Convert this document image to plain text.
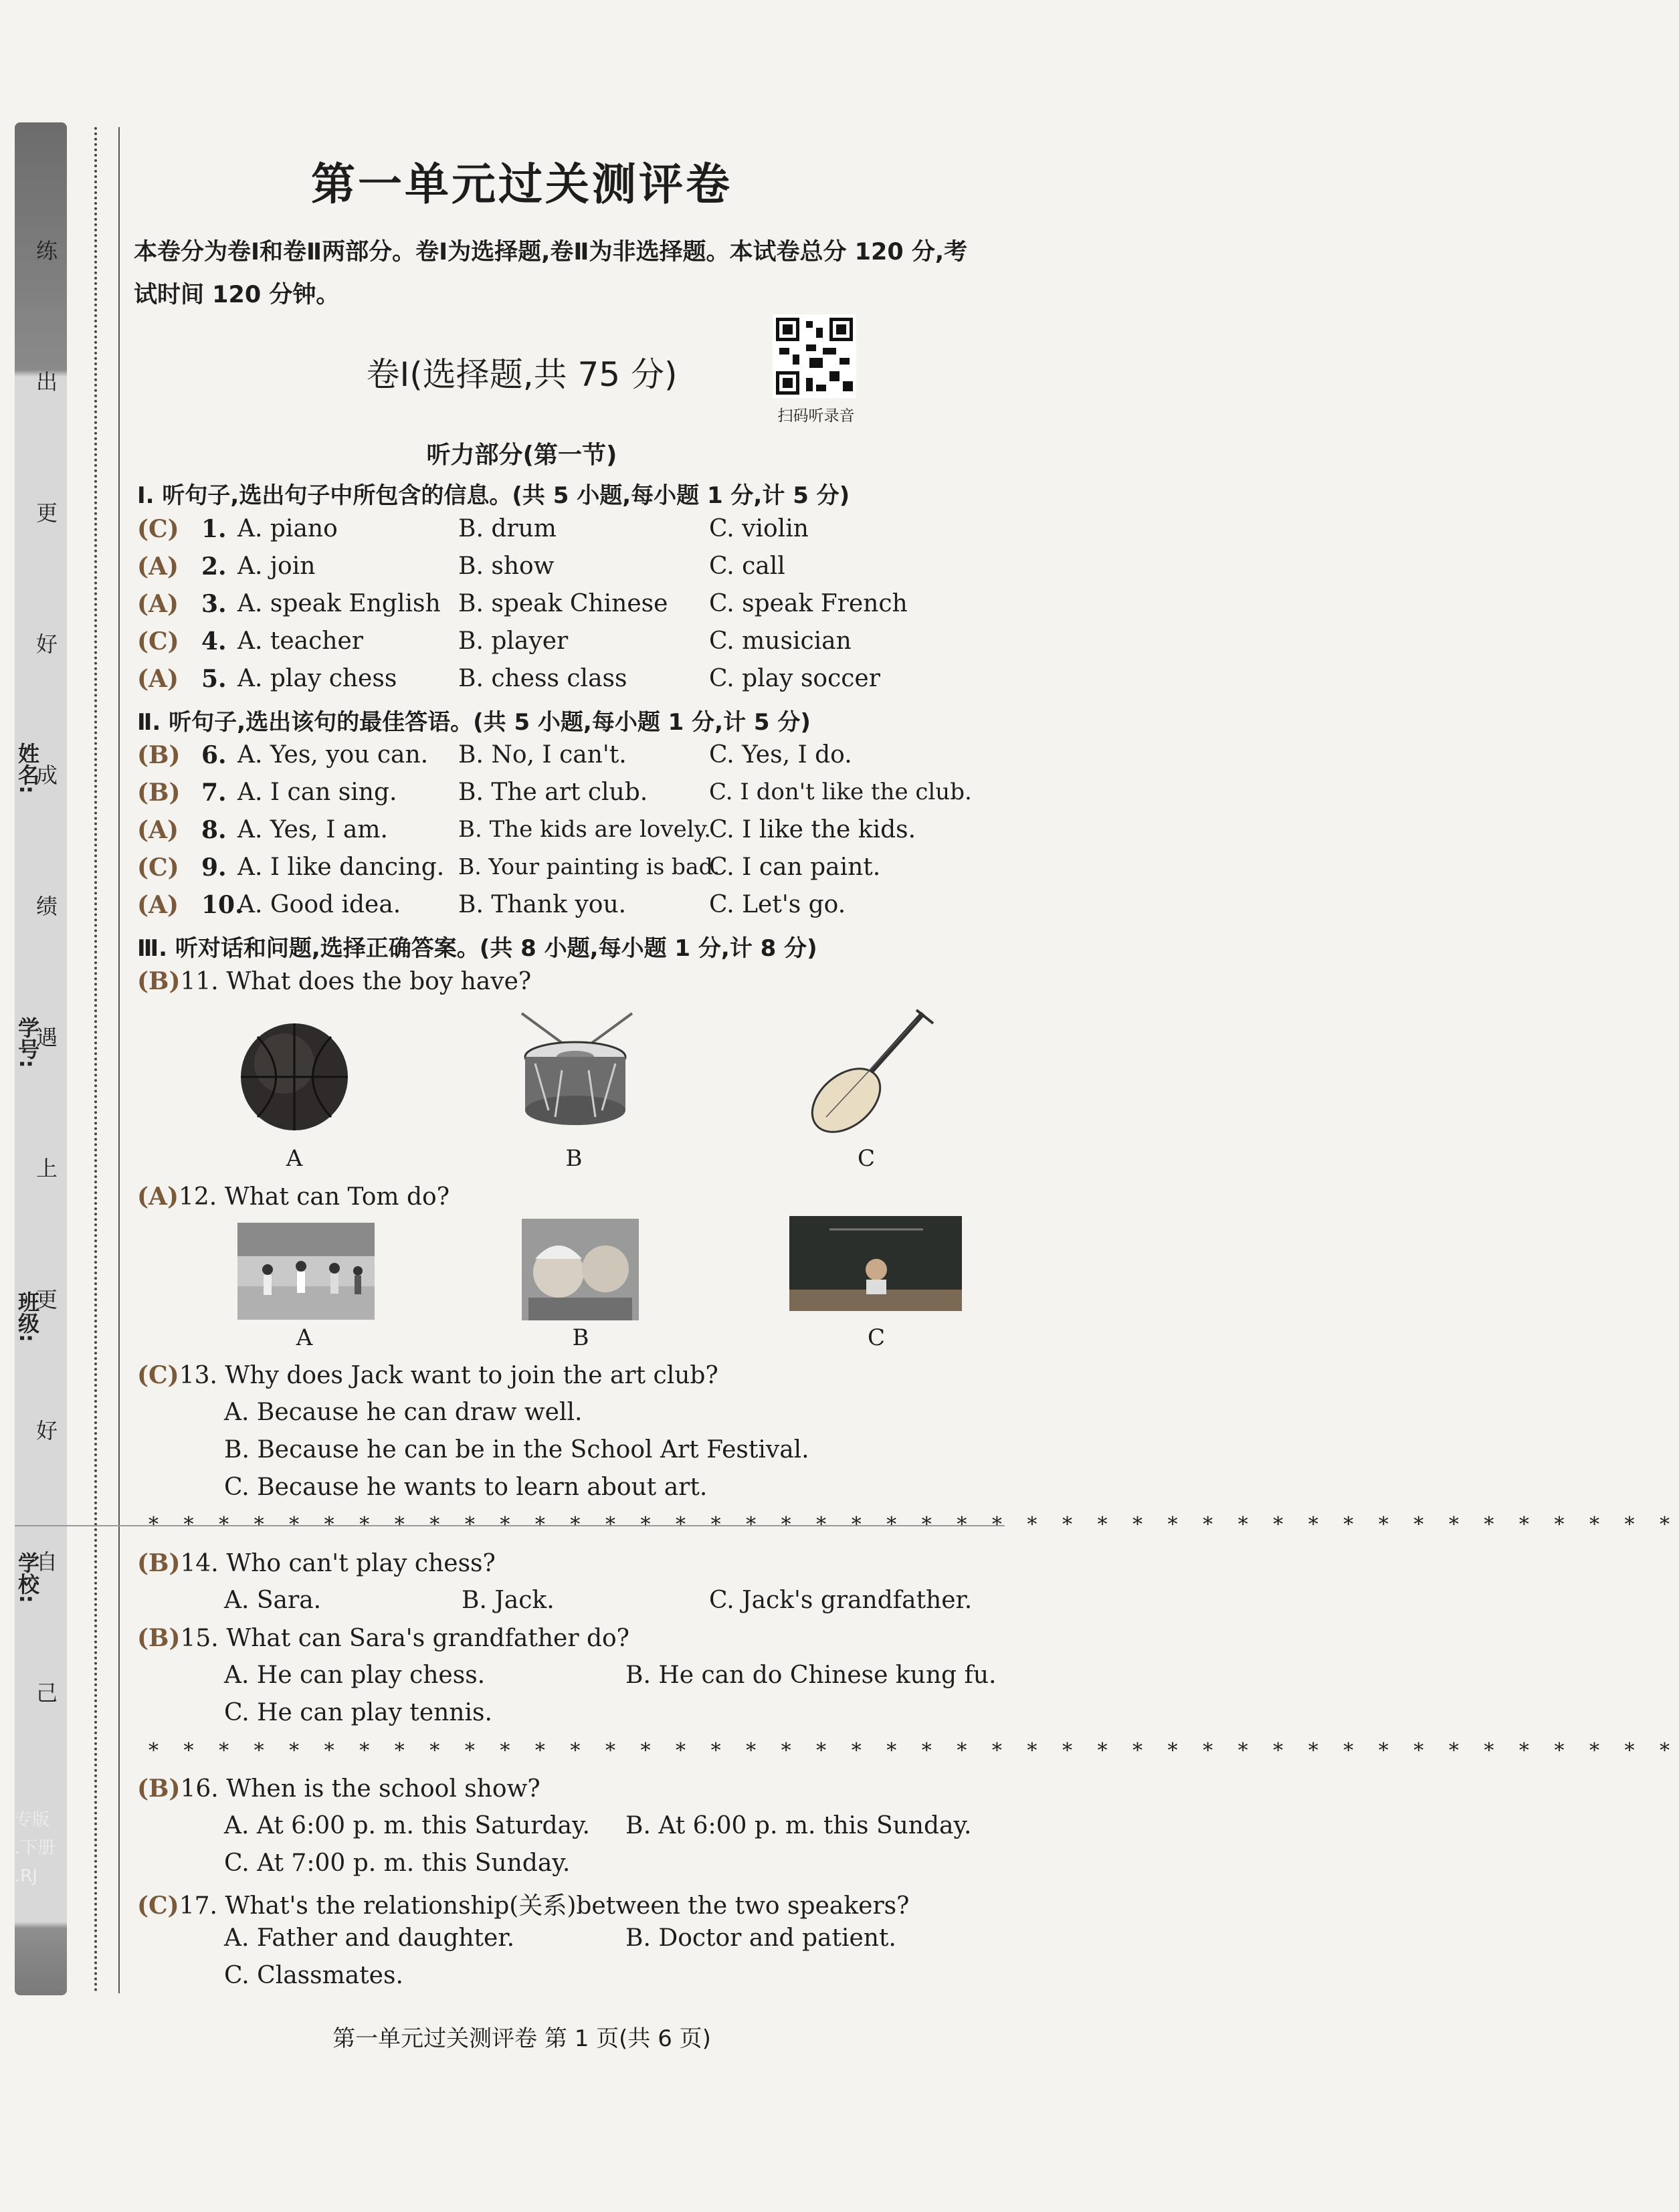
练
出
更
好
成
绩
遇
上
更
好
自
己
姓名:
学号:
班级:
学校:
专版
.下册
.RJ
第一单元过关测评卷
本卷分为卷Ⅰ和卷Ⅱ两部分。卷Ⅰ为选择题,卷Ⅱ为非选择题。本试卷总分 120 分,考试时间 120 分钟。
卷Ⅰ(选择题,共 75 分)
扫码听录音
听力部分(第一节)
Ⅰ. 听句子,选出句子中所包含的信息。(共 5 小题,每小题 1 分,计 5 分)
(C) 1. A. piano	B. drum	C. violin
(A) 2. A. join	B. show	C. call
(A) 3. A. speak English B. speak Chinese C. speak French
(C) 4. A. teacher	B. player	C. musician
(A) 5. A. play chess	B. chess class	C. play soccer
Ⅱ. 听句子,选出该句的最佳答语。(共 5 小题,每小题 1 分,计 5 分)
(B) 6. A. Yes, you can. B. No, I can't.	C. Yes, I do.
(B) 7. A. I can sing.	B. The art club.	C. I don't like the club.
(A) 8. A. Yes, I am.	B. The kids are lovely.
C. I like the kids.
(C) 9. A. I like dancing. B. Your painting is bad.
C. I can paint.
(A) 10.
A. Good idea. B. Thank you.	C. Let's go.
Ⅲ. 听对话和问题,选择正确答案。(共 8 小题,每小题 1 分,计 8 分)
(B)11. What does the boy have?
A	B	C
(A)12. What can Tom do?
A	B	C
(C)13. Why does Jack want to join the art club?
A. Because he can draw well.
B. Because he can be in the School Art Festival.
C. Because he wants to learn about art.
* * * * * * * * * * * * * * * * * * * * * * * * * * * * * * * * * * * * * * * * * * * *
(B)14. Who can't play chess?
A. Sara.	B. Jack.	C. Jack's grandfather.
(B)15. What can Sara's grandfather do?
A. He can play chess.	B. He can do Chinese kung fu.
C. He can play tennis.
* * * * * * * * * * * * * * * * * * * * * * * * * * * * * * * * * * * * * * * * * * * *
(B)16. When is the school show?
A. At 6:00 p. m. this Saturday. B. At 6:00 p. m. this Sunday.
C. At 7:00 p. m. this Sunday.
(C)17. What's the relationship(关系)between the two speakers?
A. Father and daughter.	B. Doctor and patient.
C. Classmates.
第一单元过关测评卷 第 1 页(共 6 页)
